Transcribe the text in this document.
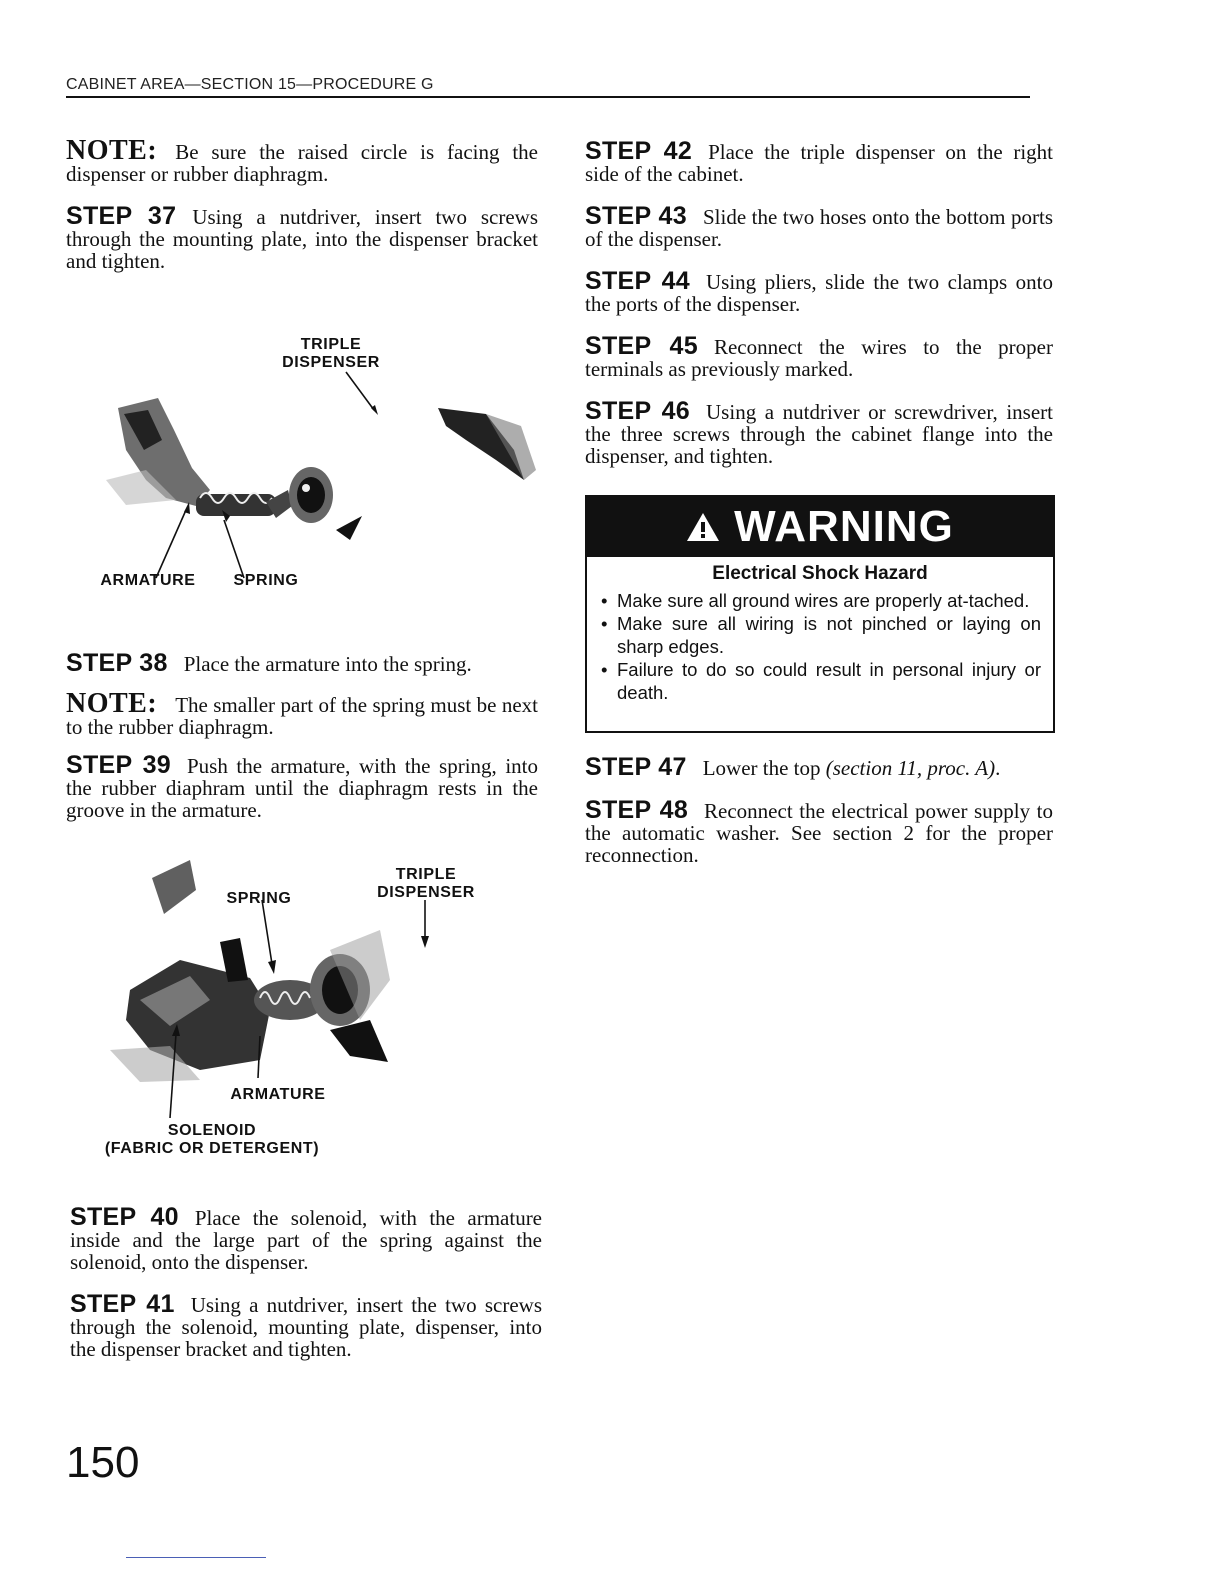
CABINET AREA—SECTION 15—PROCEDURE G

NOTE: Be sure the raised circle is facing the dispenser or rubber diaphragm.

STEP 37 Using a nutdriver, insert two screws through the mounting plate, into the dispenser bracket and tighten.

TRIPLE
DISPENSER
ARMATURE	SPRING

STEP 38 Place the armature into the spring.

NOTE: The smaller part of the spring must be next to the rubber diaphragm.

STEP 39 Push the armature, with the spring, into the rubber diaphram until the diaphragm rests in the groove in the armature.

SPRING
TRIPLE
DISPENSER
ARMATURE
SOLENOID
(FABRIC OR DETERGENT)

STEP 40 Place the solenoid, with the armature inside and the large part of the spring against the solenoid, onto the dispenser.

STEP 41 Using a nutdriver, insert the two screws through the solenoid, mounting plate, dispenser, into the dispenser bracket and tighten.

STEP 42 Place the triple dispenser on the right side of the cabinet.

STEP 43 Slide the two hoses onto the bottom ports of the dispenser.

STEP 44 Using pliers, slide the two clamps onto the ports of the dispenser.

STEP 45 Reconnect the wires to the proper terminals as previously marked.

STEP 46 Using a nutdriver or screwdriver, insert the three screws through the cabinet flange into the dispenser, and tighten.

WARNING
Electrical Shock Hazard
• Make sure all ground wires are properly at-tached.
• Make sure all wiring is not pinched or laying on sharp edges.
• Failure to do so could result in personal injury or death.

STEP 47 Lower the top (section 11, proc. A).

STEP 48 Reconnect the electrical power supply to the automatic washer. See section 2 for the proper reconnection.

150
